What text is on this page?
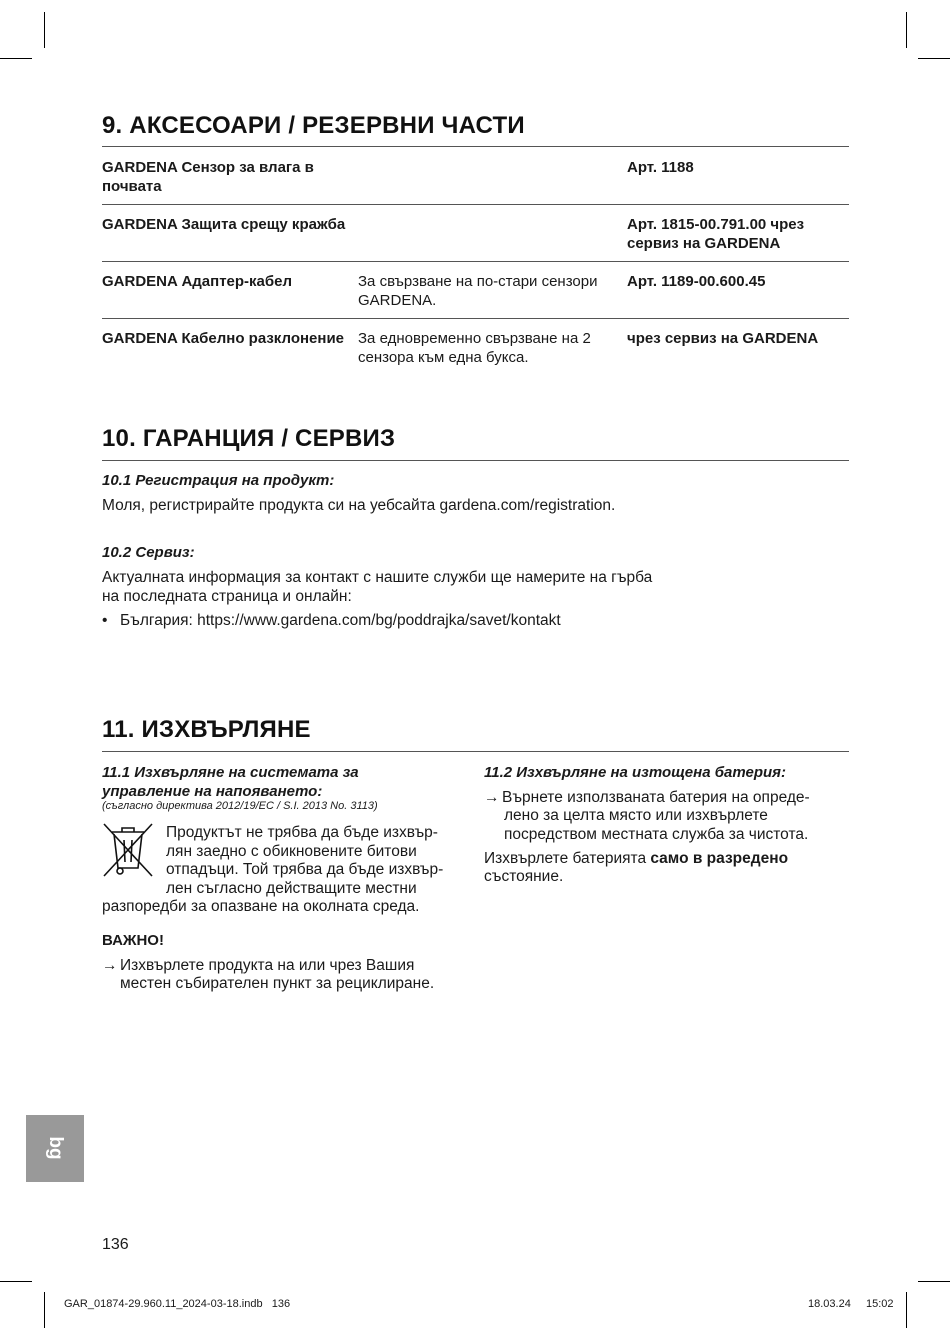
9. АКСЕСОАРИ / РЕЗЕРВНИ ЧАСТИ
GARDENA Сензор за влага в почвата		Арт. 1188
GARDENA Защита срещу кражба		Арт. 1815-00.791.00 чрез сервиз на GARDENA
GARDENA Адаптер-кабел	За свързване на по-стари сензори GARDENA.	Арт. 1189-00.600.45
GARDENA Кабелно разклонение	За едновременно свързване на 2 сензора към една букса.	чрез сервиз на GARDENA
10. ГАРАНЦИЯ / СЕРВИЗ
10.1 Регистрация на продукт:
Моля, регистрирайте продукта си на уебсайта gardena.com/registration.
10.2 Сервиз:
Актуалната информация за контакт с нашите служби ще намерите на гърба
на последната страница и онлайн:
• България: https://www.gardena.com/bg/poddrajka/savet/kontakt
11. ИЗХВЪРЛЯНЕ
11.1 Изхвърляне на системата за
управление на напояването:
(съгласно директива 2012/19/EC / S.I. 2013 No. 3113)
Продуктът не трябва да бъде изхвър-
лян заедно с обикновените битови
отпадъци. Той трябва да бъде изхвър-
лен съгласно действащите местни
разпоредби за опазване на околната среда.
ВАЖНО!
→ Изхвърлете продукта на или чрез Вашия
местен събирателен пункт за рециклиране.
11.2 Изхвърляне на изтощена батерия:
→ Върнете използваната батерия на опреде-
лено за целта място или изхвърлете
посредством местната служба за чистота.
Изхвърлете батерията само в разредено
състояние.
bg
136
GAR_01874-29.960.11_2024-03-18.indb   136	18.03.24 15:02
